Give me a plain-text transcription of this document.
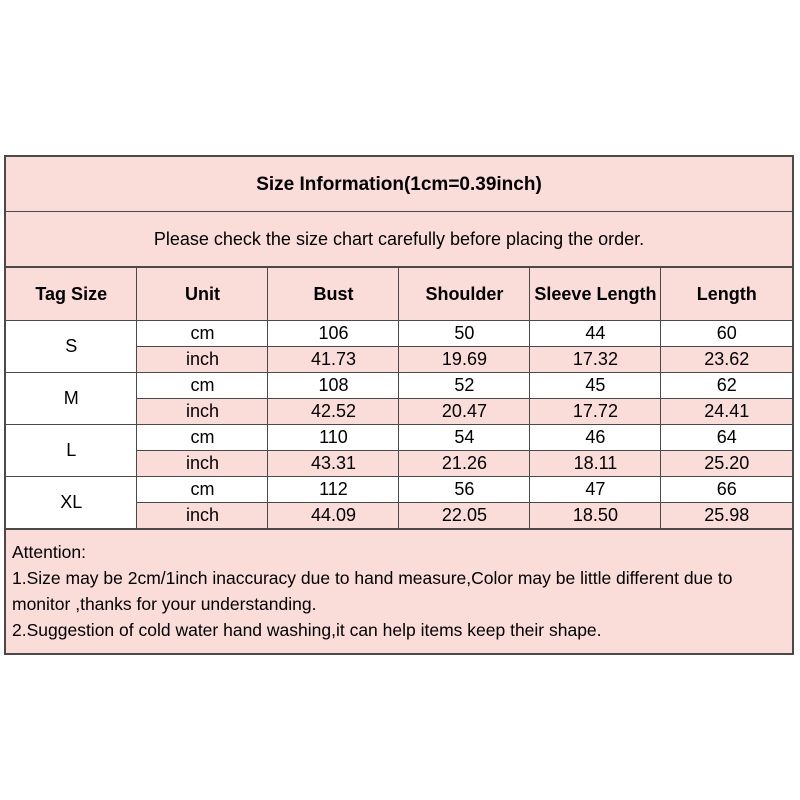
Size Information(1cm=0.39inch)
Please check the size chart carefully before placing the order.
Tag Size	Unit	Bust	Shoulder	Sleeve Length	Length
S	cm	106	50	44	60
	inch	41.73	19.69	17.32	23.62
M	cm	108	52	45	62
	inch	42.52	20.47	17.72	24.41
L	cm	110	54	46	64
	inch	43.31	21.26	18.11	25.20
XL	cm	112	56	47	66
	inch	44.09	22.05	18.50	25.98
Attention:
1.Size may be 2cm/1inch inaccuracy due to hand measure,Color may be little different due to monitor ,thanks for your understanding.
2.Suggestion of cold water hand washing,it can help items keep their shape.
